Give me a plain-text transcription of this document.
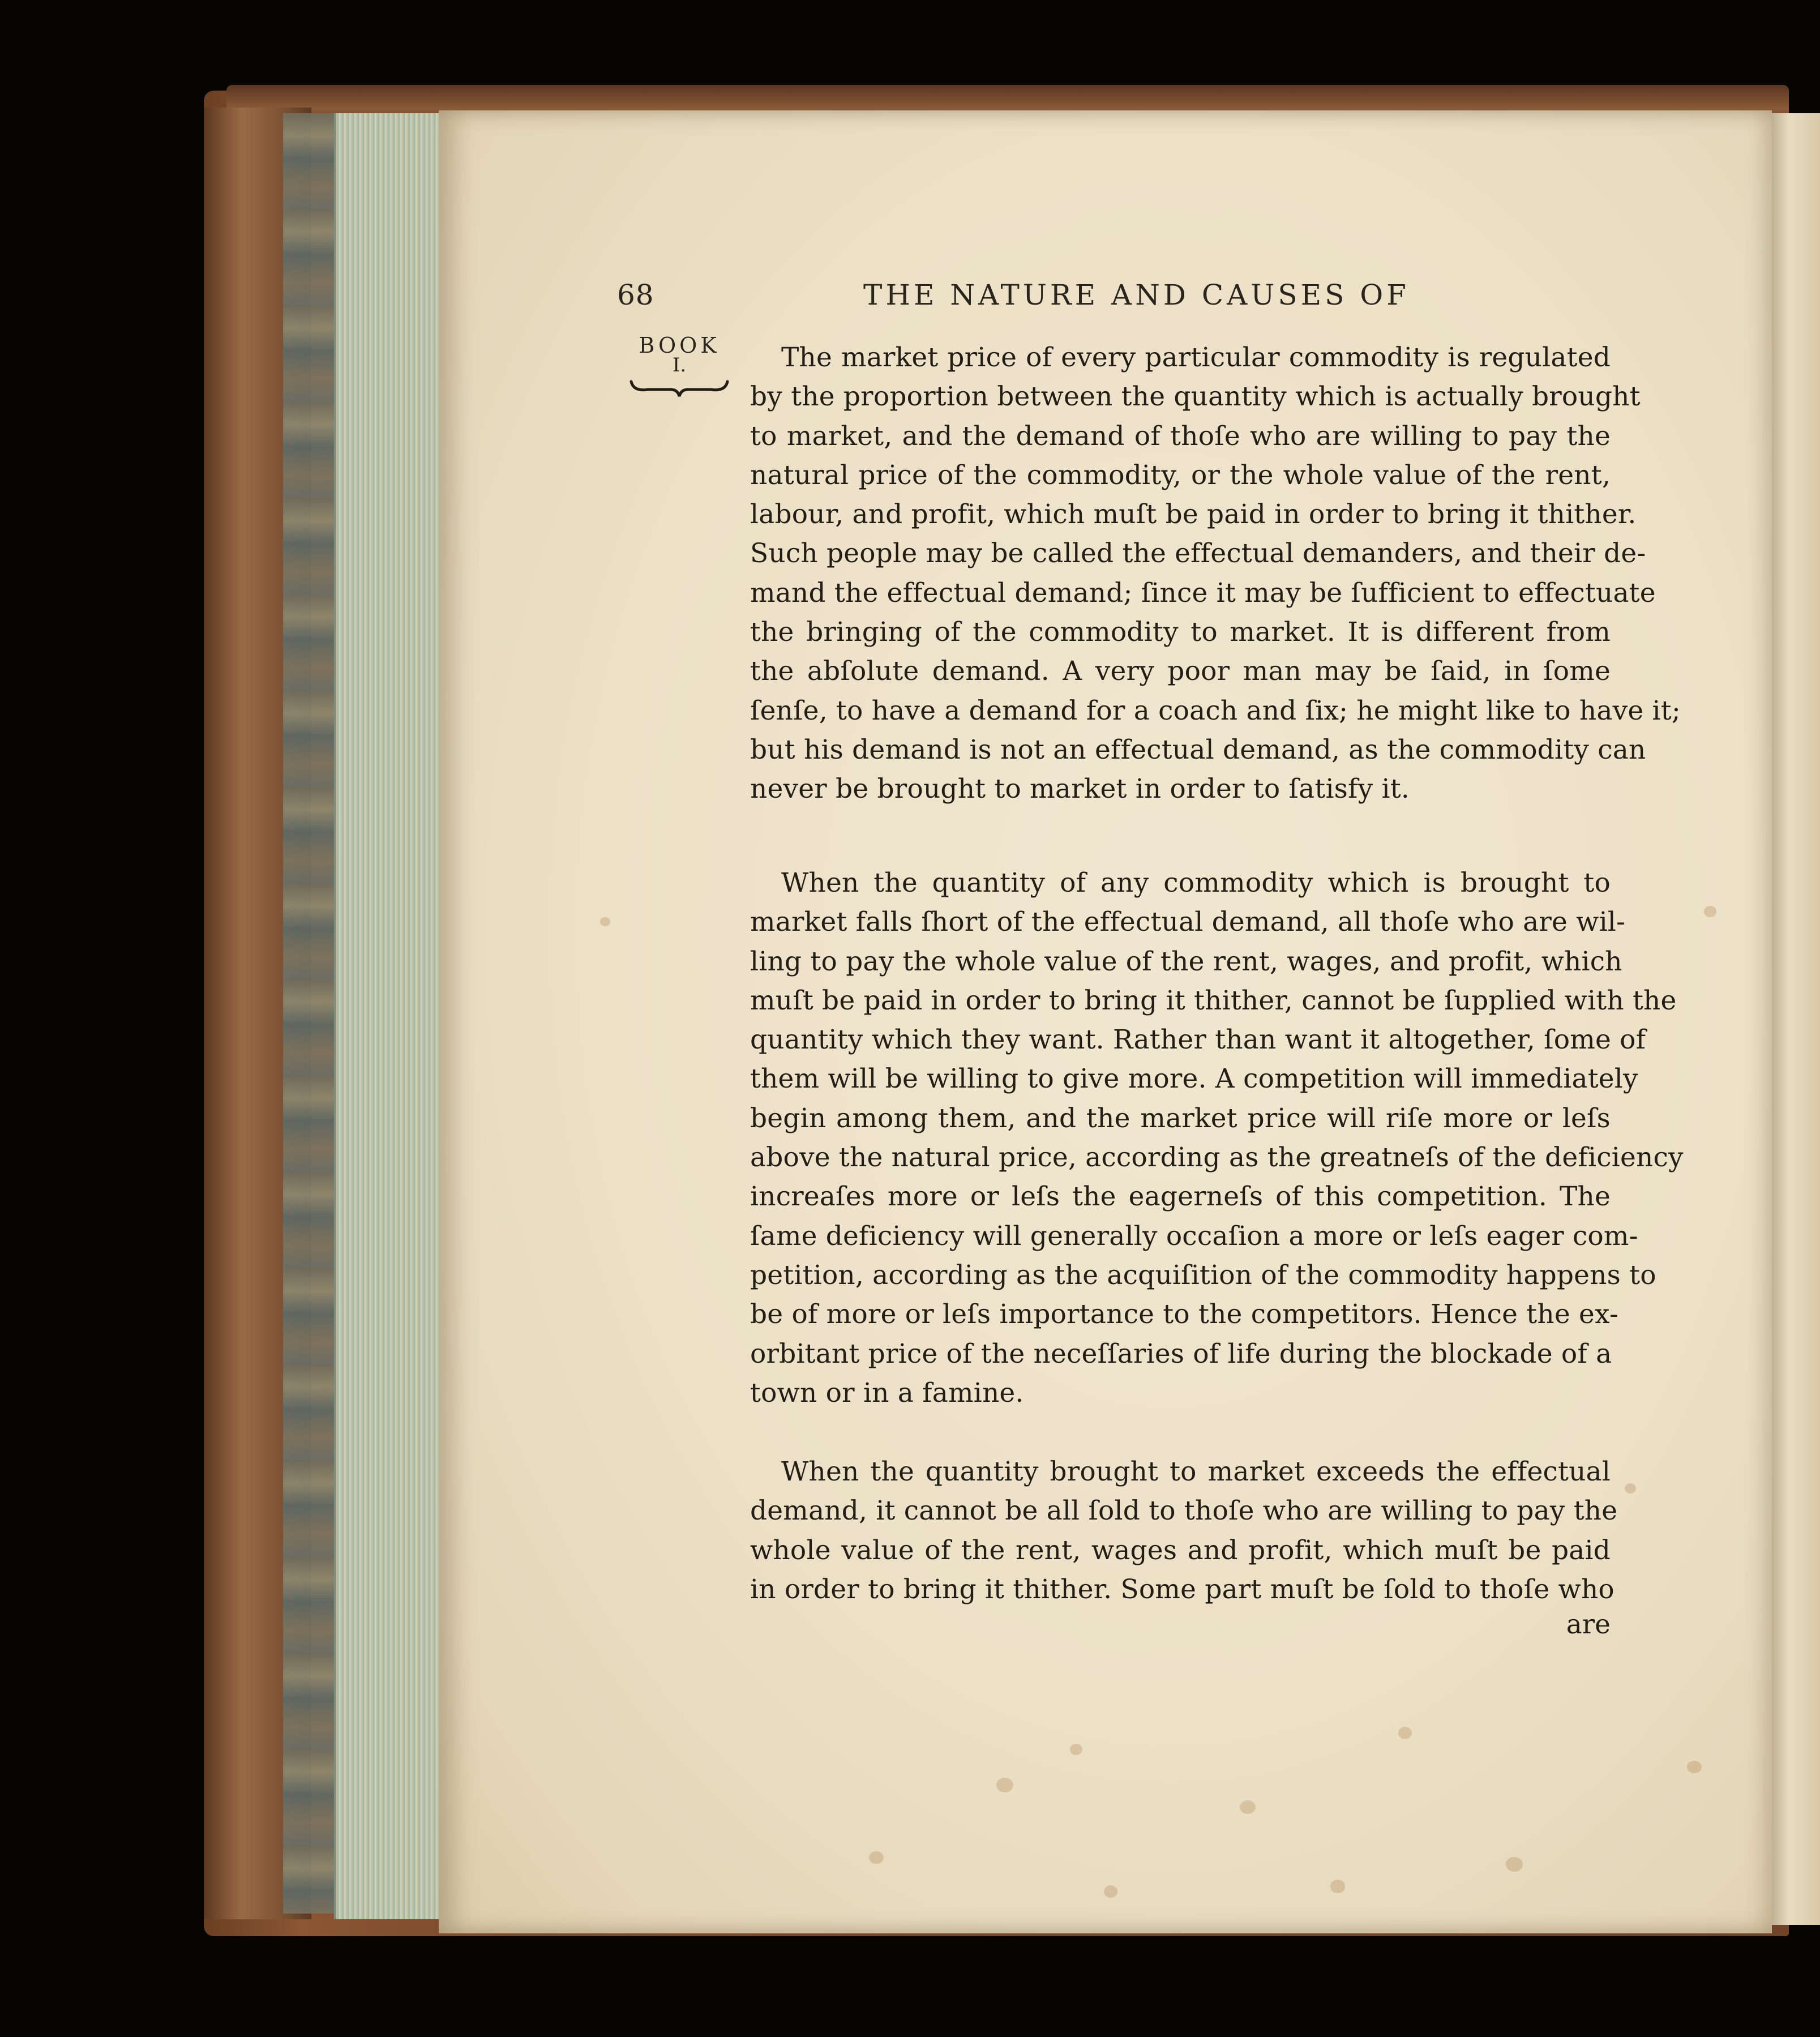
68	THE NATURE AND CAUSES OF
BOOK
I.	The market price of every particular commodity is regulated
by the proportion between the quantity which is actually brought
to market, and the demand of thoſe who are willing to pay the
natural price of the commodity, or the whole value of the rent,
labour, and profit, which muſt be paid in order to bring it thither.
Such people may be called the effectual demanders, and their de-
mand the effectual demand; ſince it may be ſufficient to effectuate
the bringing of the commodity to market. It is different from
the abſolute demand. A very poor man may be ſaid, in ſome
ſenſe, to have a demand for a coach and ſix; he might like to have it;
but his demand is not an effectual demand, as the commodity can
never be brought to market in order to ſatisfy it.
When the quantity of any commodity which is brought to
market falls ſhort of the effectual demand, all thoſe who are wil-
ling to pay the whole value of the rent, wages, and profit, which
muſt be paid in order to bring it thither, cannot be ſupplied with the
quantity which they want. Rather than want it altogether, ſome of
them will be willing to give more. A competition will immediately
begin among them, and the market price will riſe more or leſs
above the natural price, according as the greatneſs of the deficiency
increaſes more or leſs the eagerneſs of this competition. The
ſame deficiency will generally occaſion a more or leſs eager com-
petition, according as the acquiſition of the commodity happens to
be of more or leſs importance to the competitors. Hence the ex-
orbitant price of the neceſſaries of life during the blockade of a
town or in a famine.
When the quantity brought to market exceeds the effectual
demand, it cannot be all ſold to thoſe who are willing to pay the
whole value of the rent, wages and profit, which muſt be paid
in order to bring it thither. Some part muſt be ſold to thoſe who
are
